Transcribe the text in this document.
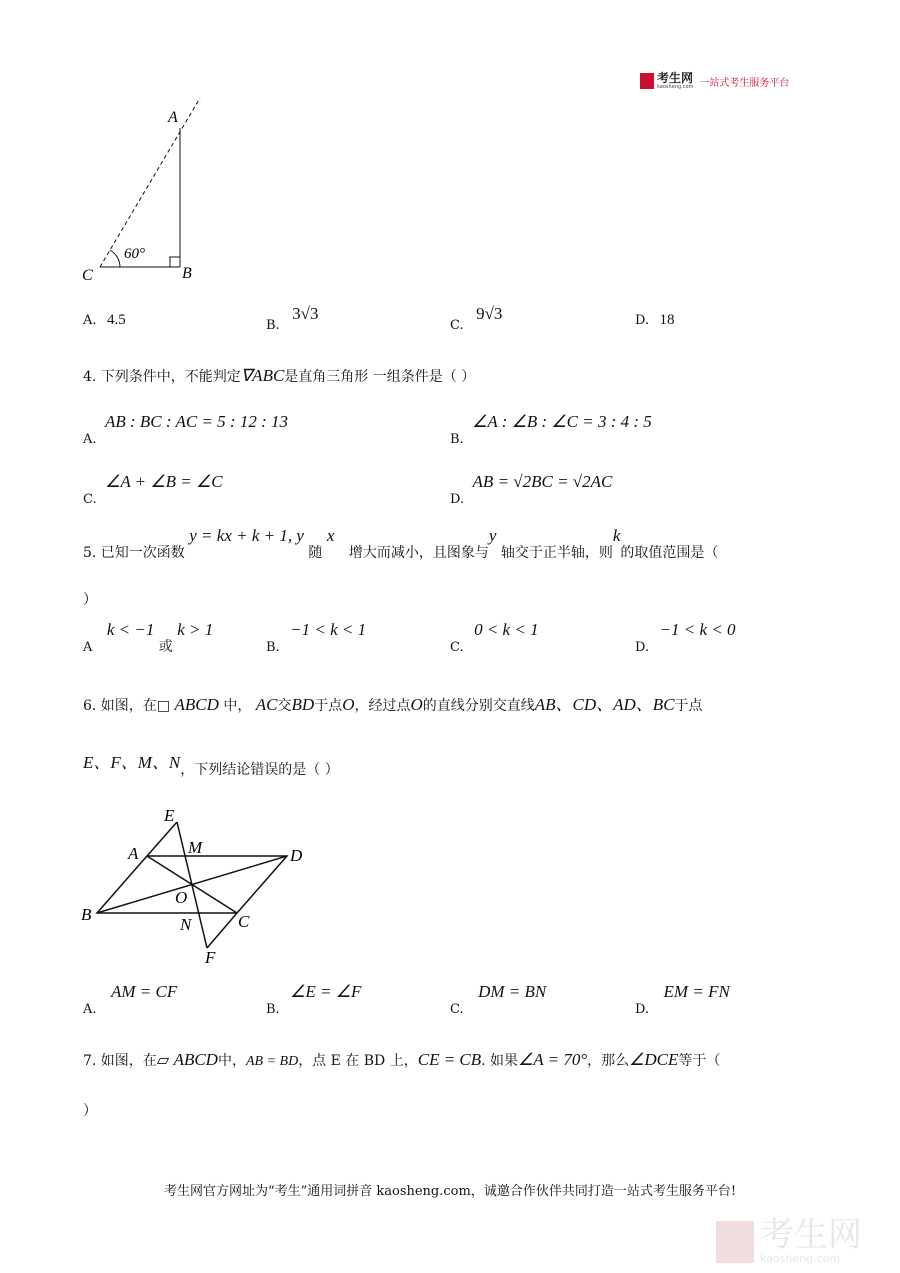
考生网
kaosheng.com 一站式考生服务平台
A
B
C
60°
A. 4.5	B. 3√3
C. 9√3	D. 18
4. 下列条件中，不能判定∇ABC是直角三角形 一组条件是（ ）
A. AB : BC : AC = 5 : 12 : 13
B. ∠A : ∠B : ∠C = 3 : 4 : 5
C. ∠A + ∠B = ∠C
D. AB = √2BC = √2AC
5. 已知一次函数 y = kx + k + 1, y 随 x 增大而减小，且图象与y 轴交于正半轴，则k的取值范围是（
）
A k < −1 或 k > 1
B. −1 < k < 1
C. 0 < k < 1
D. −1 < k < 0
6. 如图，在□ ABCD 中， AC交BD于点O，经过点O的直线分别交直线AB、CD、AD、BC于点
E、F、M、N，下列结论错误的是（ ）
E
A	M	D
O
B
N	C
F
A. AM = CF
B. ∠E = ∠F
C. DM = BN
D. EM = FN
7. 如图，在▱ ABCD中，AB = BD，点 E 在 BD 上，CE = CB. 如果∠A = 70°，那么∠DCE等于（
）
考生网官方网址为“考生”通用词拼音 kaosheng.com，诚邀合作伙伴共同打造一站式考生服务平台!
考生网
kaosheng.com
